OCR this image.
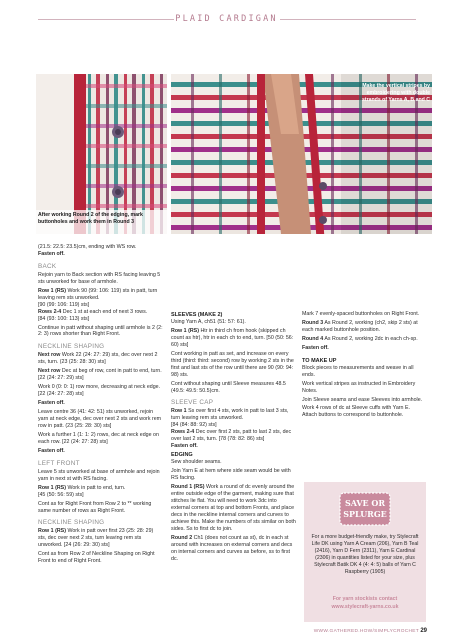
PLAID CARDIGAN
After working Round 2 of the edging, mark buttonholes and work them in Round 3
Make the vertical stripes by embroidering with double strands of Yarns A, B and C
(21.5: 22.5: 23.5)cm, ending with WS row.
Fasten off.
BACK
Rejoin yarn to Back section with RS facing leaving 5 sts unworked for base of armhole.
Row 1 (RS) Work 90 (99: 106: 119) sts in patt, turn leaving rem sts unworked.
[90 (99: 106: 119) sts]
Rows 2-4 Dec 1 st at each end of next 3 rows.
[84 (93: 100: 113) sts]
Continue in patt without shaping until armhole is 2 (2: 2: 3) rows shorter than Right Front.
NECKLINE SHAPING
Next row Work 22 (24: 27: 29) sts, dec over next 2 sts, turn. (23 (25: 28: 30) sts]
Next row Dec at beg of row, cont in patt to end, turn. [22 (24: 27: 29) sts]
Work 0 (0: 0: 1) row more, decreasing at neck edge. [22 (24: 27: 28) sts]
Fasten off.
Leave centre 36 (41: 42: 51) sts unworked, rejoin yarn at neck edge, dec over next 2 sts and work rem row in patt. (23 (25: 28: 30) sts]
Work a further 1 (1: 1: 2) rows, dec at neck edge on each row. [22 (24: 27: 28) sts]
Fasten off.
LEFT FRONT
Leave 5 sts unworked at base of armhole and rejoin yarn in next st with RS facing.
Row 1 (RS) Work in patt to end, turn.
[45 (50: 56: 59) sts]
Cont as for Right Front from Row 2 to ** working same number of rows as Right Front.
NECKLINE SHAPING
Row 1 (RS) Work in patt over first 23 (25: 28: 29) sts, dec over next 2 sts, turn leaving rem sts unworked. [24 (26: 29: 30) sts]
Cont as from Row 2 of Neckline Shaping on Right Front to end of Right Front.
SLEEVES (MAKE 2)
Using Yarn A, ch51 (51: 57: 61).
Row 1 (RS) Htr in third ch from hook (skipped ch count as htr), htr in each ch to end, turn. [50 (50: 56: 60) sts]
Cont working in patt as set, and increase on every third (third: third: second) row by working 2 sts in the first and last sts of the row until there are 90 (90: 94: 98) sts.
Cont without shaping until Sleeve measures 48.5 (49.5: 49.5: 50.5)cm.
SLEEVE CAP
Row 1 Ss over first 4 sts, work in patt to last 3 sts, turn leaving rem sts unworked.
[84 (84: 88: 92) sts]
Rows 2-4 Dec over first 2 sts, patt to last 2 sts, dec over last 2 sts, turn. [78 (78: 82: 86) sts]
Fasten off.
EDGING
Sew shoulder seams.
Join Yarn E at hem where side seam would be with RS facing.
Round 1 (RS) Work a round of dc evenly around the entire outside edge of the garment, making sure that stitches lie flat. You will need to work 3dc into external corners at top and bottom Fronts, and place decs in the neckline internal corners and curves to achieve this. Make the numbers of sts similar on both sides. Ss to first dc to join.
Round 2 Ch1 (does not count as st), dc in each st around with increases on external corners and decs on internal corners and curves as before, ss to first dc.
Mark 7 evenly-spaced buttonholes on Right Front.
Round 3 As Round 2, working (ch2, skip 2 sts) at each marked buttonhole position.
Round 4 As Round 2, working 2dc in each ch-sp.
Fasten off.
TO MAKE UP
Block pieces to measurements and weave in all ends.
Work vertical stripes as instructed in Embroidery Notes.
Join Sleeve seams and ease Sleeves into armhole.
Work 4 rows of dc at Sleeve cuffs with Yarn E. Attach buttons to correspond to buttonhole.
SAVE OR
SPLURGE
For a more budget-friendly make, try Stylecraft Life DK using Yarn A Cream (206), Yarn B Teal (2416), Yarn D Fern (2311), Yarn E Cardinal (2306) in quantities listed for your size, plus Stylecraft Batik DK 4 (4: 4: 5) balls of Yarn C Raspberry (1905)
For yarn stockists contact
www.stylecraft-yarns.co.uk
WWW.GATHERED.HOW/SIMPLYCROCHET 29
